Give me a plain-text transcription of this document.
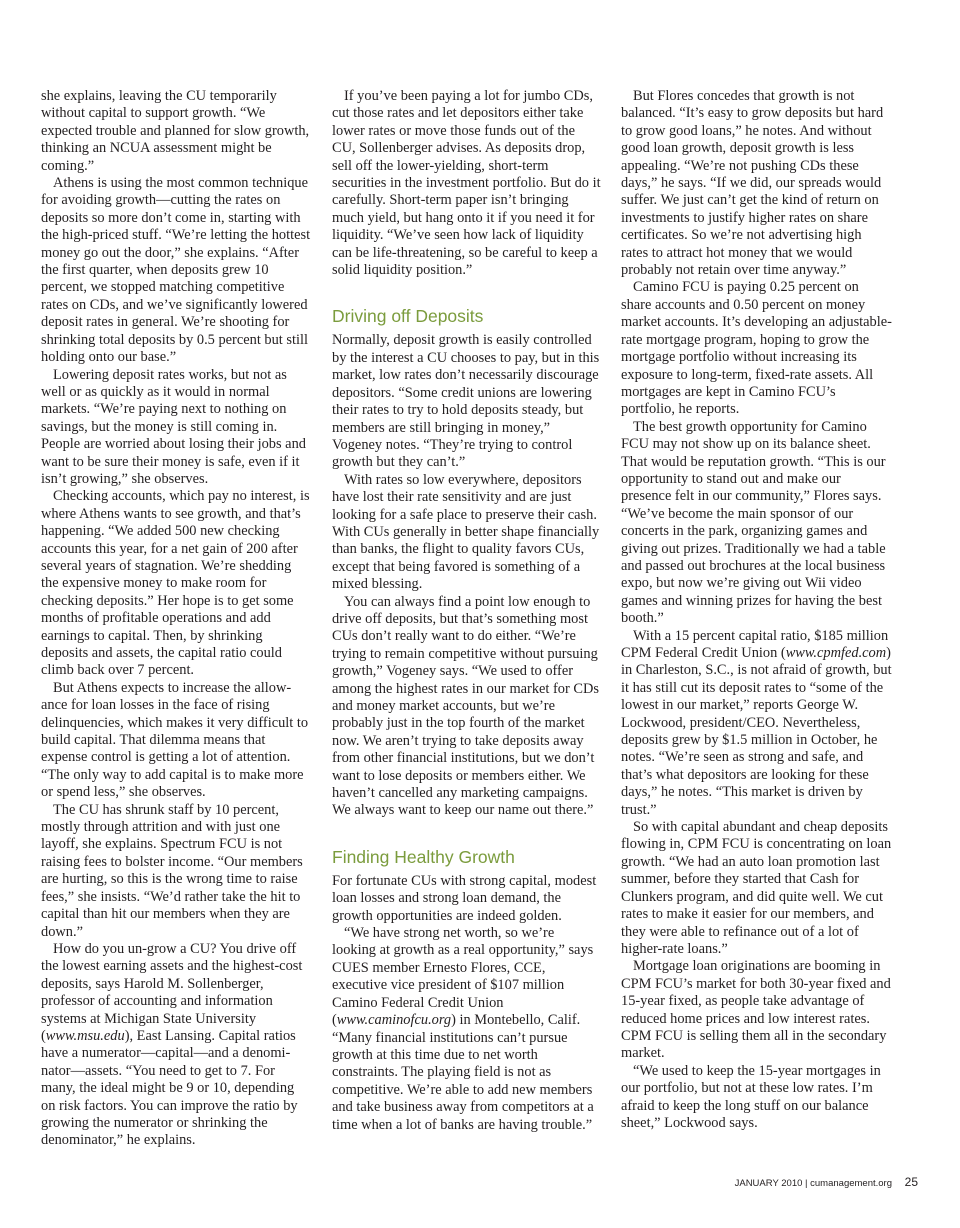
she explains, leaving the CU temporarily without capital to support growth. “We expected trouble and planned for slow growth, thinking an NCUA assessment might be coming.”

Athens is using the most common technique for avoiding growth—cutting the rates on deposits so more don’t come in, starting with the high-priced stuff. “We’re letting the hottest money go out the door,” she explains. “After the first quarter, when deposits grew 10 percent, we stopped matching competitive rates on CDs, and we’ve significantly lowered deposit rates in general. We’re shooting for shrinking total deposits by 0.5 percent but still holding onto our base.”

Lowering deposit rates works, but not as well or as quickly as it would in normal markets. “We’re paying next to nothing on savings, but the money is still coming in. People are worried about losing their jobs and want to be sure their money is safe, even if it isn’t growing,” she observes.

Checking accounts, which pay no interest, is where Athens wants to see growth, and that’s happening. “We added 500 new checking accounts this year, for a net gain of 200 after several years of stagnation. We’re shedding the expensive money to make room for checking deposits.” Her hope is to get some months of profitable operations and add earnings to capital. Then, by shrinking deposits and assets, the capital ratio could climb back over 7 percent.

But Athens expects to increase the allowance for loan losses in the face of rising delinquencies, which makes it very difficult to build capital. That dilemma means that expense control is getting a lot of attention. “The only way to add capital is to make more or spend less,” she observes.

The CU has shrunk staff by 10 percent, mostly through attrition and with just one layoff, she explains. Spectrum FCU is not raising fees to bolster income. “Our members are hurting, so this is the wrong time to raise fees,” she insists. “We’d rather take the hit to capital than hit our members when they are down.”

How do you un-grow a CU? You drive off the lowest earning assets and the highest-cost deposits, says Harold M. Sollenberger, professor of accounting and information systems at Michigan State University (www.msu.edu), East Lansing. Capital ratios have a numerator—capital—and a denominator—assets. “You need to get to 7. For many, the ideal might be 9 or 10, depending on risk factors. You can improve the ratio by growing the numerator or shrinking the denominator,” he explains.

If you’ve been paying a lot for jumbo CDs, cut those rates and let depositors either take lower rates or move those funds out of the CU, Sollenberger advises. As deposits drop, sell off the lower-yielding, short-term securities in the investment portfolio. But do it carefully. Short-term paper isn’t bringing much yield, but hang onto it if you need it for liquidity. “We’ve seen how lack of liquidity can be life-threatening, so be careful to keep a solid liquidity position.”

Driving off Deposits

Normally, deposit growth is easily controlled by the interest a CU chooses to pay, but in this market, low rates don’t necessarily discourage depositors. “Some credit unions are lowering their rates to try to hold deposits steady, but members are still bringing in money,” Vogeney notes. “They’re trying to control growth but they can’t.”

With rates so low everywhere, depositors have lost their rate sensitivity and are just looking for a safe place to preserve their cash. With CUs generally in better shape financially than banks, the flight to quality favors CUs, except that being favored is something of a mixed blessing.

You can always find a point low enough to drive off deposits, but that’s something most CUs don’t really want to do either. “We’re trying to remain competitive without pursuing growth,” Vogeney says. “We used to offer among the highest rates in our market for CDs and money market accounts, but we’re probably just in the top fourth of the market now. We aren’t trying to take deposits away from other financial institutions, but we don’t want to lose deposits or members either. We haven’t cancelled any marketing campaigns. We always want to keep our name out there.”

Finding Healthy Growth

For fortunate CUs with strong capital, modest loan losses and strong loan demand, the growth opportunities are indeed golden.

“We have strong net worth, so we’re looking at growth as a real opportunity,” says CUES member Ernesto Flores, CCE, executive vice president of $107 million Camino Federal Credit Union (www.caminofcu.org) in Montebello, Calif. “Many financial institutions can’t pursue growth at this time due to net worth constraints. The playing field is not as competitive. We’re able to add new members and take business away from competitors at a time when a lot of banks are having trouble.”

But Flores concedes that growth is not balanced. “It’s easy to grow deposits but hard to grow good loans,” he notes. And without good loan growth, deposit growth is less appealing. “We’re not pushing CDs these days,” he says. “If we did, our spreads would suffer. We just can’t get the kind of return on investments to justify higher rates on share certificates. So we’re not advertising high rates to attract hot money that we would probably not retain over time anyway.”

Camino FCU is paying 0.25 percent on share accounts and 0.50 percent on money market accounts. It’s developing an adjustable-rate mortgage program, hoping to grow the mortgage portfolio without increasing its exposure to long-term, fixed-rate assets. All mortgages are kept in Camino FCU’s portfolio, he reports.

The best growth opportunity for Camino FCU may not show up on its balance sheet. That would be reputation growth. “This is our opportunity to stand out and make our presence felt in our community,” Flores says. “We’ve become the main sponsor of our concerts in the park, organizing games and giving out prizes. Traditionally we had a table and passed out brochures at the local business expo, but now we’re giving out Wii video games and winning prizes for having the best booth.”

With a 15 percent capital ratio, $185 million CPM Federal Credit Union (www.cpmfed.com) in Charleston, S.C., is not afraid of growth, but it has still cut its deposit rates to “some of the lowest in our market,” reports George W. Lockwood, president/CEO. Nevertheless, deposits grew by $1.5 million in October, he notes. “We’re seen as strong and safe, and that’s what depositors are looking for these days,” he notes. “This market is driven by trust.”

So with capital abundant and cheap deposits flowing in, CPM FCU is concentrating on loan growth. “We had an auto loan promotion last summer, before they started that Cash for Clunkers program, and did quite well. We cut rates to make it easier for our members, and they were able to refinance out of a lot of higher-rate loans.”

Mortgage loan originations are booming in CPM FCU’s market for both 30-year fixed and 15-year fixed, as people take advantage of reduced home prices and low interest rates. CPM FCU is selling them all in the secondary market.

“We used to keep the 15-year mortgages in our portfolio, but not at these low rates. I’m afraid to keep the long stuff on our balance sheet,” Lockwood says.

JANUARY 2010 | cumanagement.org 25
